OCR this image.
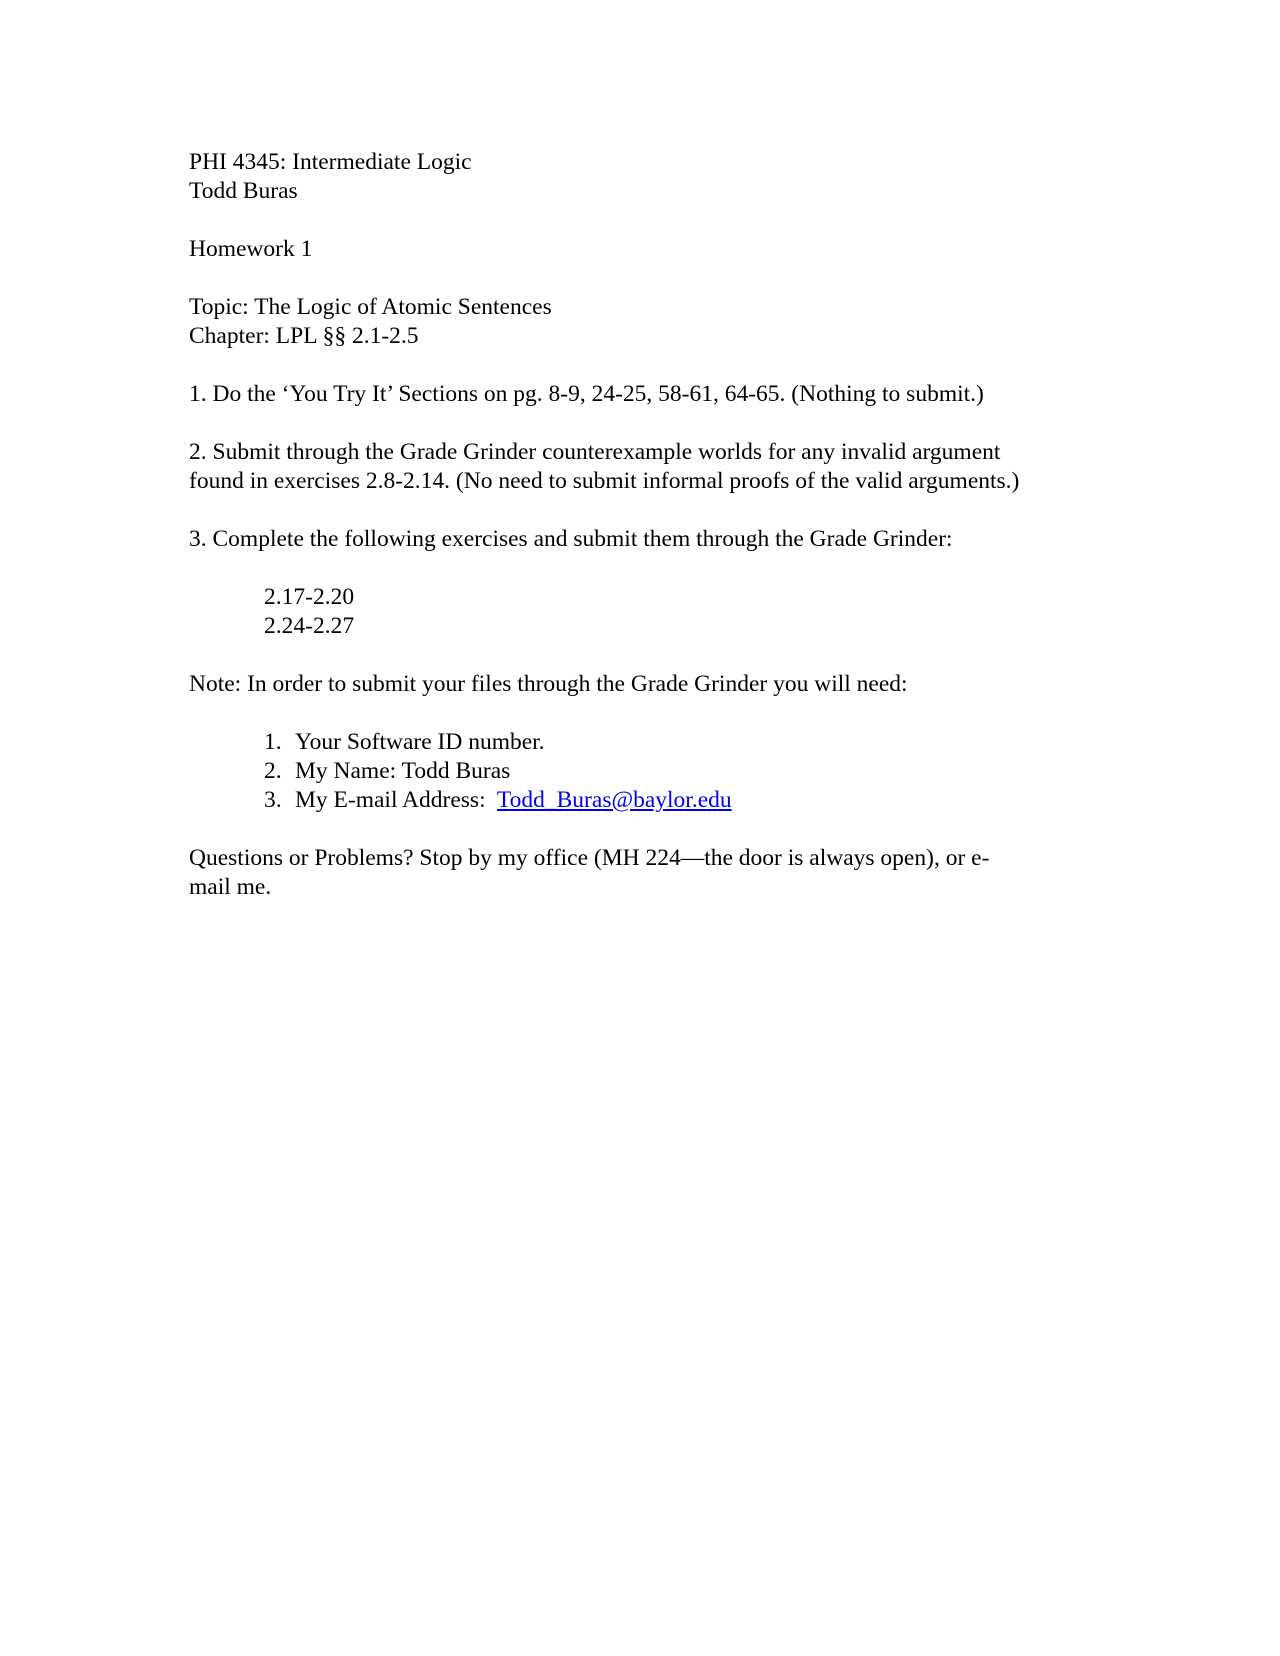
PHI 4345: Intermediate Logic
Todd Buras
Homework 1
Topic: The Logic of Atomic Sentences
Chapter: LPL §§ 2.1-2.5
1. Do the ‘You Try It’ Sections on pg. 8-9, 24-25, 58-61, 64-65. (Nothing to submit.)
2. Submit through the Grade Grinder counterexample worlds for any invalid argument
found in exercises 2.8-2.14. (No need to submit informal proofs of the valid arguments.)
3. Complete the following exercises and submit them through the Grade Grinder:
2.17-2.20
2.24-2.27
Note: In order to submit your files through the Grade Grinder you will need:
1. Your Software ID number.
2. My Name: Todd Buras
3. My E-mail Address:  Todd_Buras@baylor.edu
Questions or Problems? Stop by my office (MH 224—the door is always open), or e-
mail me.
